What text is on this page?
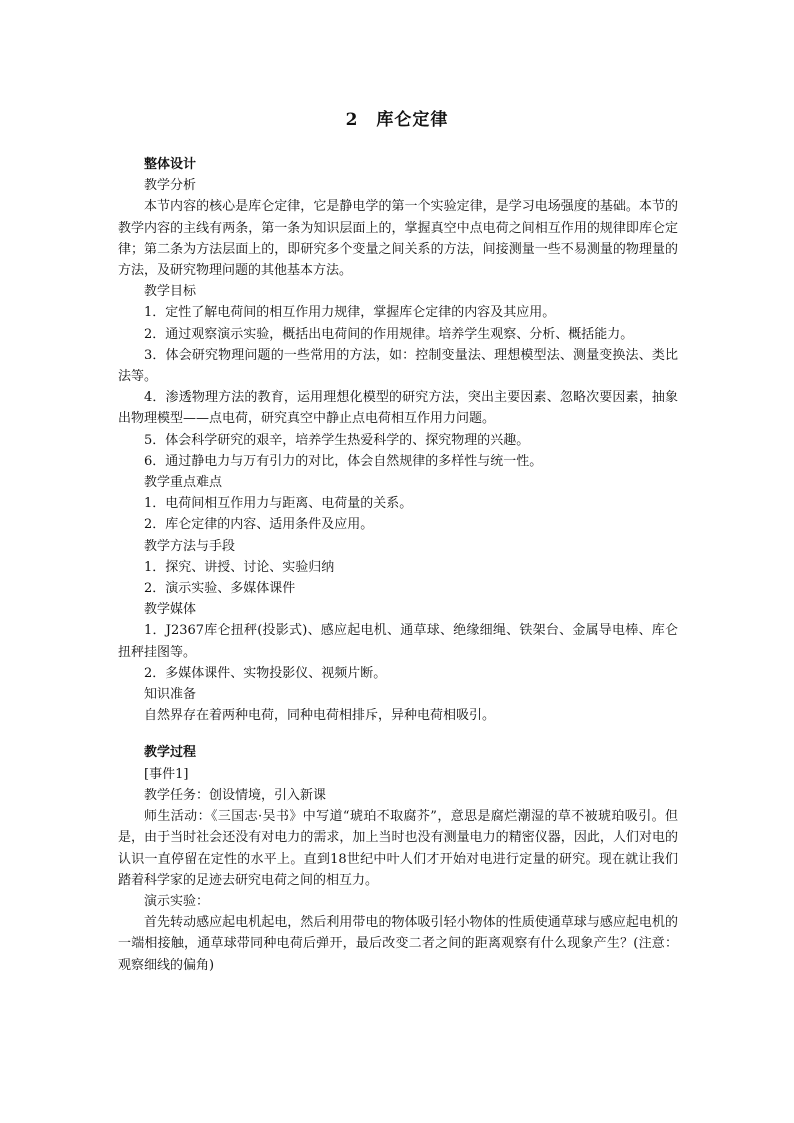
2　库仑定律

整体设计

教学分析

本节内容的核心是库仑定律，它是静电学的第一个实验定律，是学习电场强度的基础。本节的教学内容的主线有两条，第一条为知识层面上的，掌握真空中点电荷之间相互作用的规律即库仑定律；第二条为方法层面上的，即研究多个变量之间关系的方法，间接测量一些不易测量的物理量的方法，及研究物理问题的其他基本方法。

教学目标

1．定性了解电荷间的相互作用力规律，掌握库仑定律的内容及其应用。

2．通过观察演示实验，概括出电荷间的作用规律。培养学生观察、分析、概括能力。

3．体会研究物理问题的一些常用的方法，如：控制变量法、理想模型法、测量变换法、类比法等。

4．渗透物理方法的教育，运用理想化模型的研究方法，突出主要因素、忽略次要因素，抽象出物理模型——点电荷，研究真空中静止点电荷相互作用力问题。

5．体会科学研究的艰辛，培养学生热爱科学的、探究物理的兴趣。

6．通过静电力与万有引力的对比，体会自然规律的多样性与统一性。

教学重点难点

1．电荷间相互作用力与距离、电荷量的关系。

2．库仑定律的内容、适用条件及应用。

教学方法与手段

1．探究、讲授、讨论、实验归纳

2．演示实验、多媒体课件

教学媒体

1．J2367库仑扭秤(投影式)、感应起电机、通草球、绝缘细绳、铁架台、金属导电棒、库仑扭秤挂图等。

2．多媒体课件、实物投影仪、视频片断。

知识准备

自然界存在着两种电荷，同种电荷相排斥，异种电荷相吸引。

教学过程

[事件1]

教学任务：创设情境，引入新课

师生活动：《三国志·吴书》中写道“琥珀不取腐芥”，意思是腐烂潮湿的草不被琥珀吸引。但是，由于当时社会还没有对电力的需求，加上当时也没有测量电力的精密仪器，因此，人们对电的认识一直停留在定性的水平上。直到18世纪中叶人们才开始对电进行定量的研究。现在就让我们踏着科学家的足迹去研究电荷之间的相互力。

演示实验：

首先转动感应起电机起电，然后利用带电的物体吸引轻小物体的性质使通草球与感应起电机的一端相接触，通草球带同种电荷后弹开，最后改变二者之间的距离观察有什么现象产生？(注意：观察细线的偏角)
